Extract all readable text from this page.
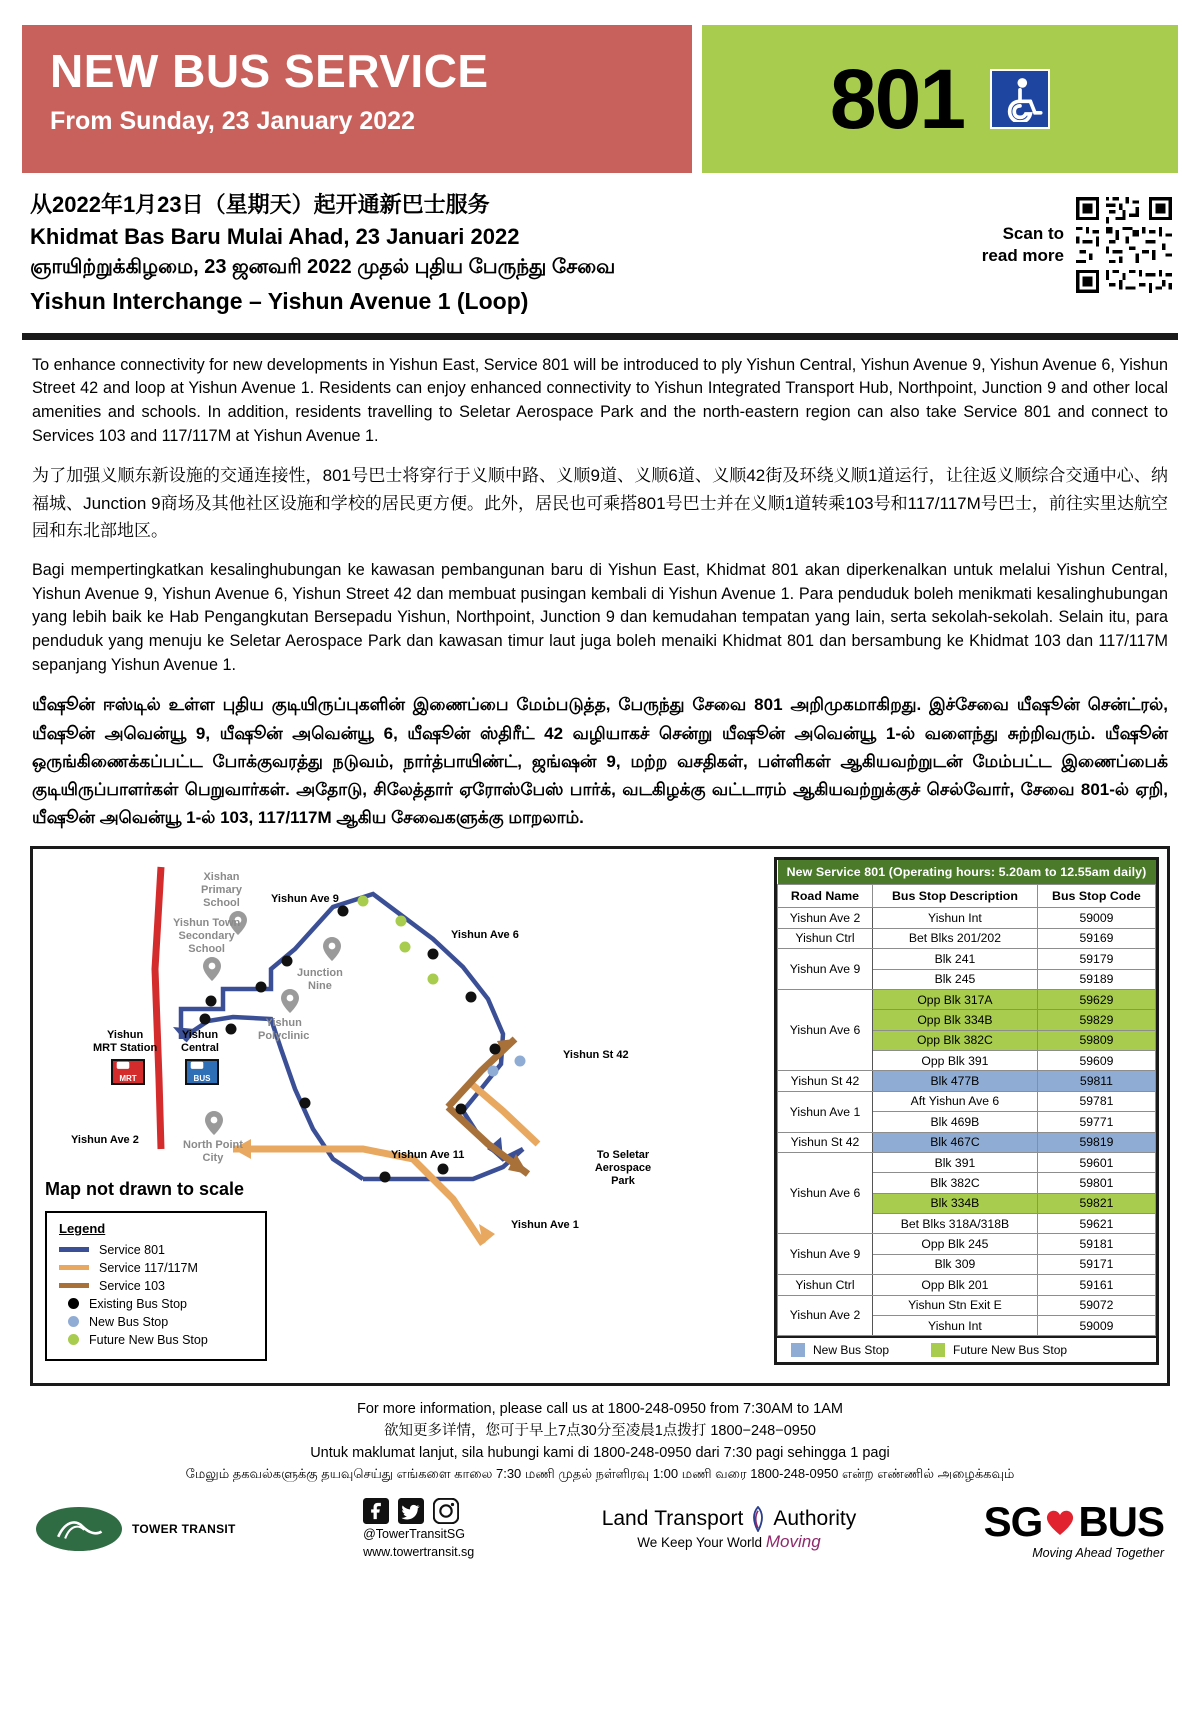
NEW BUS SERVICE
From Sunday, 23 January 2022	801
从2022年1月23日（星期天）起开通新巴士服务
Khidmat Bas Baru Mulai Ahad, 23 Januari 2022
ஞாயிற்றுக்கிழமை, 23 ஜனவரி 2022 முதல் புதிய பேருந்து சேவை
Yishun Interchange – Yishun Avenue 1 (Loop)
Scan to
read more

To enhance connectivity for new developments in Yishun East, Service 801 will be introduced to ply Yishun Central, Yishun Avenue 9, Yishun Avenue 6, Yishun Street 42 and loop at Yishun Avenue 1. Residents can enjoy enhanced connectivity to Yishun Integrated Transport Hub, Northpoint, Junction 9 and other local amenities and schools. In addition, residents travelling to Seletar Aerospace Park and the north-eastern region can also take Service 801 and connect to Services 103 and 117/117M at Yishun Avenue 1.

为了加强义顺东新设施的交通连接性，801号巴士将穿行于义顺中路、义顺9道、义顺6道、义顺42街及环绕义顺1道运行，让往返义顺综合交通中心、纳福城、Junction 9商场及其他社区设施和学校的居民更方便。此外，居民也可乘搭801号巴士并在义顺1道转乘103号和117/117M号巴士，前往实里达航空园和东北部地区。

Bagi mempertingkatkan kesalinghubungan ke kawasan pembangunan baru di Yishun East, Khidmat 801 akan diperkenalkan untuk melalui Yishun Central, Yishun Avenue 9, Yishun Avenue 6, Yishun Street 42 dan membuat pusingan kembali di Yishun Avenue 1. Para penduduk boleh menikmati kesalinghubungan yang lebih baik ke Hab Pengangkutan Bersepadu Yishun, Northpoint, Junction 9 dan kemudahan tempatan yang lain, serta sekolah-sekolah. Selain itu, para penduduk yang menuju ke Seletar Aerospace Park dan kawasan timur laut juga boleh menaiki Khidmat 801 dan bersambung ke Khidmat 103 dan 117/117M sepanjang Yishun Avenue 1.

யீஷூன் ஈஸ்டில் உள்ள புதிய குடியிருப்புகளின் இணைப்பை மேம்படுத்த, பேருந்து சேவை 801 அறிமுகமாகிறது. இச்சேவை யீஷூன் சென்ட்ரல், யீஷூன் அவென்யூ 9, யீஷூன் அவென்யூ 6, யீஷூன் ஸ்திரீட் 42 வழியாகச் சென்று யீஷூன் அவென்யூ 1-ல் வளைந்து சுற்றிவரும். யீஷூன் ஒருங்கிணைக்கப்பட்ட போக்குவரத்து நடுவம், நார்த்பாயிண்ட், ஜங்ஷன் 9, மற்ற வசதிகள், பள்ளிகள் ஆகியவற்றுடன் மேம்பட்ட இணைப்பைக் குடியிருப்பாளர்கள் பெறுவார்கள். அதோடு, சிலேத்தார் ஏரோஸ்பேஸ் பார்க், வடகிழக்கு வட்டாரம் ஆகியவற்றுக்குச் செல்வோர், சேவை 801-ல் ஏறி, யீஷூன் அவென்யூ 1-ல் 103, 117/117M ஆகிய சேவைகளுக்கு மாறலாம்.

MRT	BUS
Map not drawn to scale
Legend
Service 801
Service 117/117M
Service 103
Existing Bus Stop
New Bus Stop
Future New Bus Stop
Xishan
Primary
School
Yishun Town
Secondary
School
Yishun Ave 9
Yishun Ave 6
Junction
Nine
Yishun
Polyclinic
Yishun
MRT Station
Yishun
Central
Yishun St 42
North Point
City
Yishun Ave 2
Yishun Ave 11
Yishun Ave 1
To Seletar
Aerospace Park
New Service 801 (Operating hours: 5.20am to 12.55am daily)		
Road Name	Bus Stop Description	Bus Stop Code
Yishun Ave 2	Yishun Int	59009
Yishun Ctrl	Bet Blks 201/202	59169
Yishun Ave 9	Blk 241	59179
	Blk 245	59189
Yishun Ave 6	Opp Blk 317A	59629
	Opp Blk 334B	59829
	Opp Blk 382C	59809
	Opp Blk 391	59609
Yishun St 42	Blk 477B	59811
Yishun Ave 1	Aft Yishun Ave 6	59781
	Blk 469B	59771
Yishun St 42	Blk 467C	59819
Yishun Ave 6	Blk 391	59601
	Blk 382C	59801
	Blk 334B	59821
	Bet Blks 318A/318B	59621
Yishun Ave 9	Opp Blk 245	59181
	Blk 309	59171
Yishun Ctrl	Opp Blk 201	59161
Yishun Ave 2	Yishun Stn Exit E	59072
	Yishun Int	59009
New Bus Stop	Future New Bus Stop
For more information, please call us at 1800-248-0950 from 7:30AM to 1AM
欲知更多详情，您可于早上7点30分至凌晨1点拨打 1800−248−0950
Untuk maklumat lanjut, sila hubungi kami di 1800-248-0950 dari 7:30 pagi sehingga 1 pagi
மேலும் தகவல்களுக்கு தயவுசெய்து எங்களை காலை 7:30 மணி முதல் நள்ளிரவு 1:00 மணி வரை 1800-248-0950 என்ற எண்ணில் அழைக்கவும்
TOWER TRANSIT	@TowerTransitSG
www.towertransit.sg
Land Transport Authority
We Keep Your World Moving	SG BUS
Moving Ahead Together
